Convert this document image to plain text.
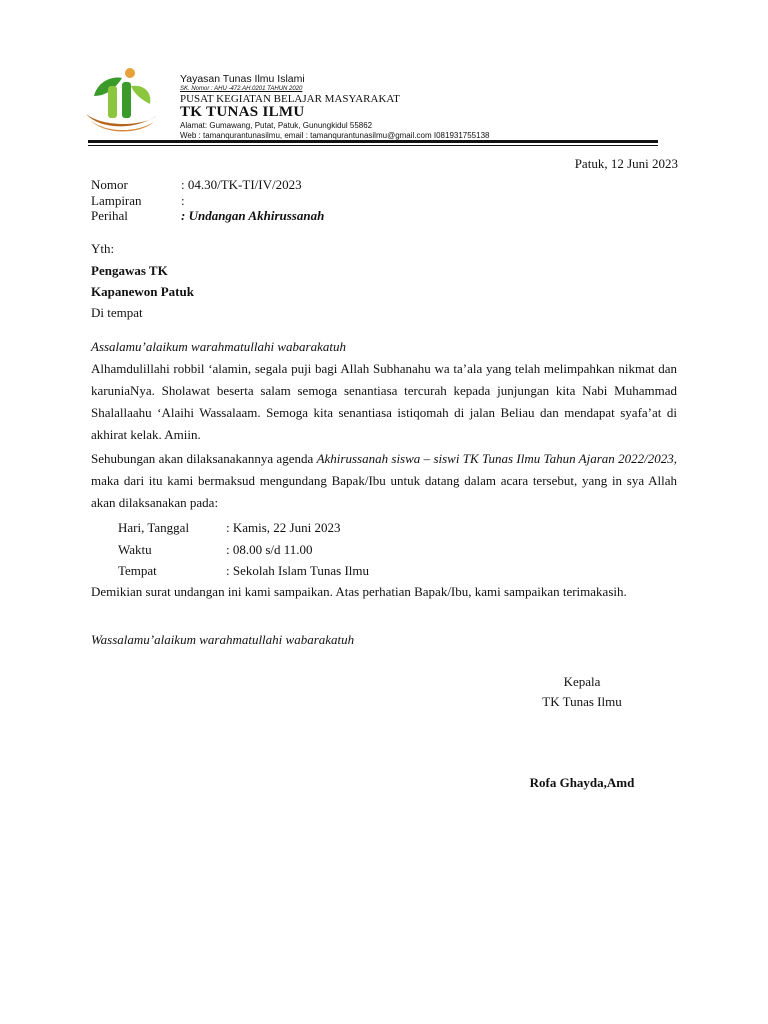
Yayasan Tunas Ilmu Islami
SK. Nomor : AHU -472.AH.0201 TAHUN 2020
PUSAT KEGIATAN BELAJAR MASYARAKAT
TK TUNAS ILMU
Alamat: Gumawang, Putat, Patuk, Gunungkidul 55862
Web : tamanqurantunasilmu, email : tamanqurantunasilmu@gmail.com I081931755138
Patuk, 12 Juni 2023
Nomor	: 04.30/TK-TI/IV/2023
Lampiran	:
Perihal	: Undangan Akhirussanah
Yth:
Pengawas TK
Kapanewon Patuk
Di tempat
Assalamu’alaikum warahmatullahi wabarakatuh
Alhamdulillahi robbil ‘alamin, segala puji bagi Allah Subhanahu wa ta’ala yang telah melimpahkan nikmat dan karuniaNya. Sholawat beserta salam semoga senantiasa tercurah kepada junjungan kita Nabi Muhammad Shalallaahu ‘Alaihi Wassalaam. Semoga kita senantiasa istiqomah di jalan Beliau dan mendapat syafa’at di akhirat kelak. Amiin.
Sehubungan akan dilaksanakannya agenda Akhirussanah siswa – siswi TK Tunas Ilmu Tahun Ajaran 2022/2023, maka dari itu kami bermaksud mengundang Bapak/Ibu untuk datang dalam acara tersebut, yang in sya Allah akan dilaksanakan pada:
Hari, Tanggal	: Kamis, 22 Juni 2023
Waktu	: 08.00 s/d 11.00
Tempat	: Sekolah Islam Tunas Ilmu
Demikian surat undangan ini kami sampaikan. Atas perhatian Bapak/Ibu, kami sampaikan terimakasih.
Wassalamu’alaikum warahmatullahi wabarakatuh
Kepala
TK Tunas Ilmu
Rofa Ghayda,Amd
